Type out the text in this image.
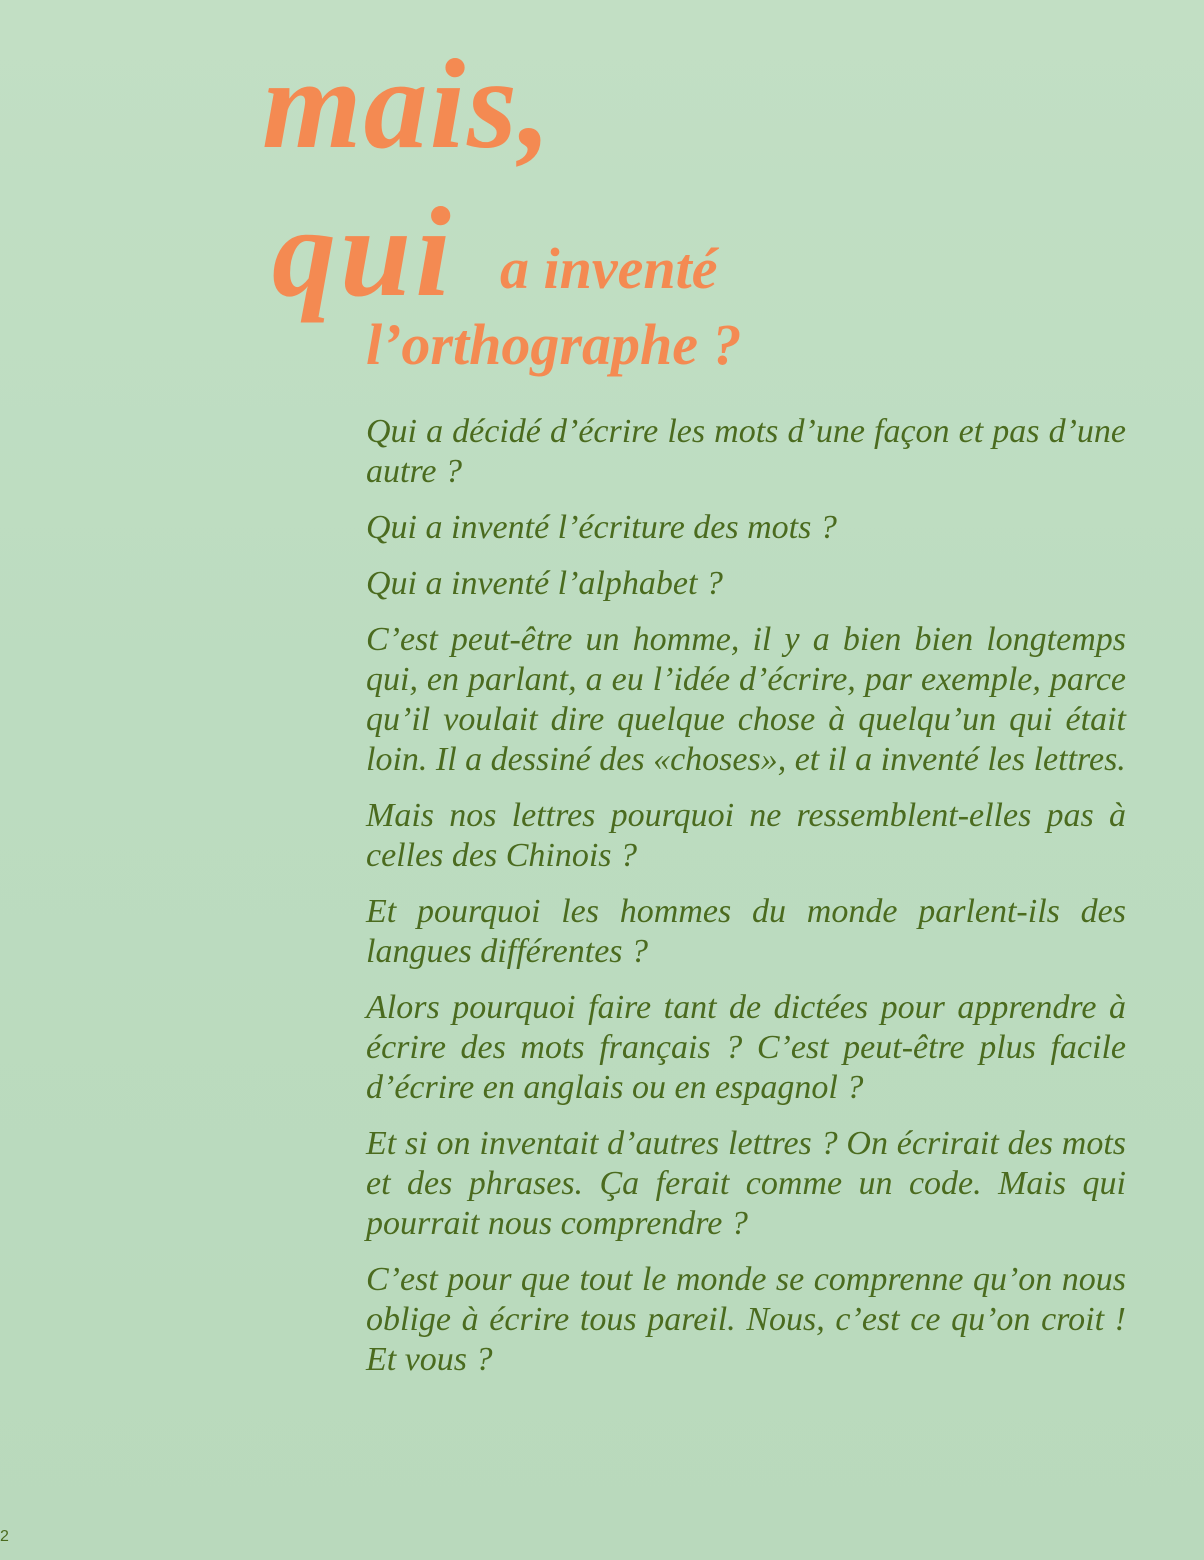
mais,
qui a inventé
l’orthographe ?

Qui a décidé d’écrire les mots d’une façon et pas d’une autre ?

Qui a inventé l’écriture des mots ?

Qui a inventé l’alphabet ?

C’est peut-être un homme, il y a bien bien longtemps qui, en parlant, a eu l’idée d’écrire, par exemple, parce qu’il voulait dire quelque chose à quelqu’un qui était loin. Il a dessiné des «choses», et il a inventé les lettres.

Mais nos lettres pourquoi ne ressemblent-elles pas à celles des Chinois ?

Et pourquoi les hommes du monde parlent-ils des langues différentes ?

Alors pourquoi faire tant de dictées pour apprendre à écrire des mots français ? C’est peut-être plus facile d’écrire en anglais ou en espagnol ?

Et si on inventait d’autres lettres ? On écrirait des mots et des phrases. Ça ferait comme un code. Mais qui pourrait nous comprendre ?

C’est pour que tout le monde se comprenne qu’on nous oblige à écrire tous pareil. Nous, c’est ce qu’on croit ! Et vous ?

2
